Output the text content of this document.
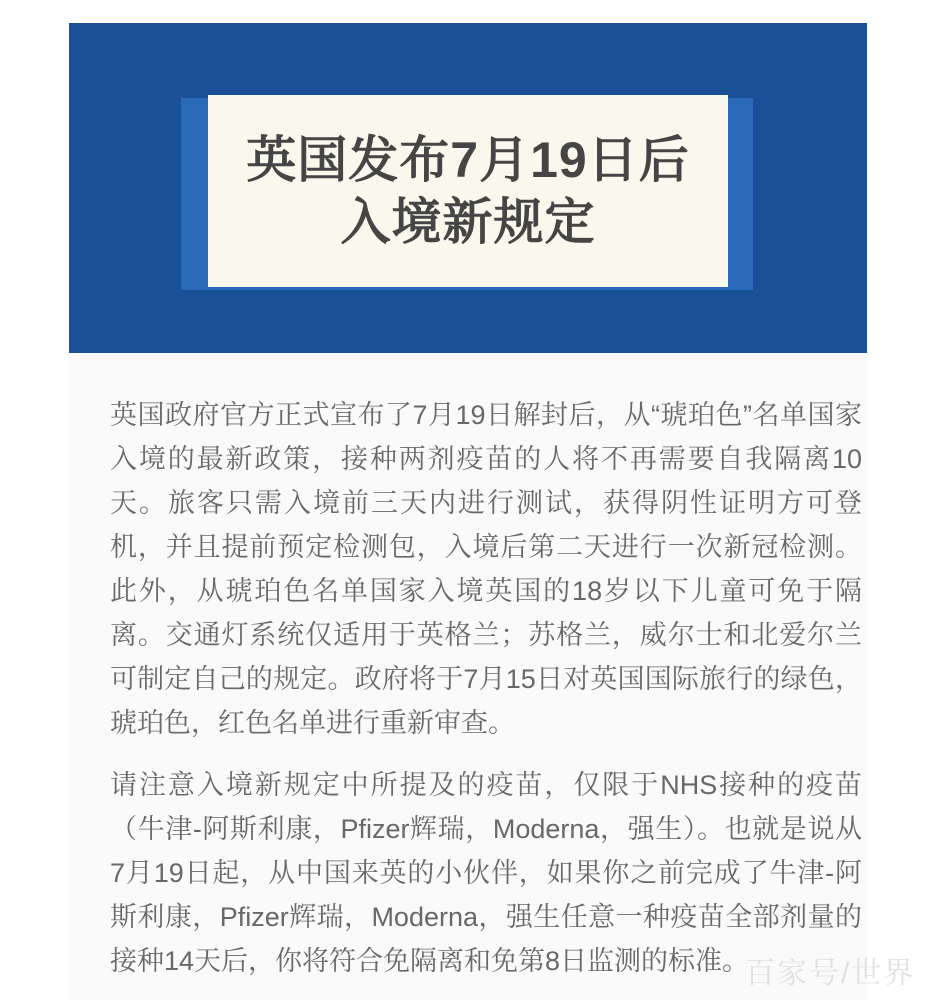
英国发布7月19日后
入境新规定

英国政府官方正式宣布了7月19日解封后，从“琥珀色”名单国家入境的最新政策，接种两剂疫苗的人将不再需要自我隔离10天。旅客只需入境前三天内进行测试，获得阴性证明方可登机，并且提前预定检测包，入境后第二天进行一次新冠检测。此外，从琥珀色名单国家入境英国的18岁以下儿童可免于隔离。交通灯系统仅适用于英格兰；苏格兰，威尔士和北爱尔兰可制定自己的规定。政府将于7月15日对英国国际旅行的绿色，琥珀色，红色名单进行重新审查。

请注意入境新规定中所提及的疫苗，仅限于NHS接种的疫苗（牛津-阿斯利康，Pfizer辉瑞，Moderna，强生）。也就是说从7月19日起，从中国来英的小伙伴，如果你之前完成了牛津-阿斯利康，Pfizer辉瑞，Moderna，强生任意一种疫苗全部剂量的接种14天后，你将符合免隔离和免第8日监测的标准。

百家号/世界
